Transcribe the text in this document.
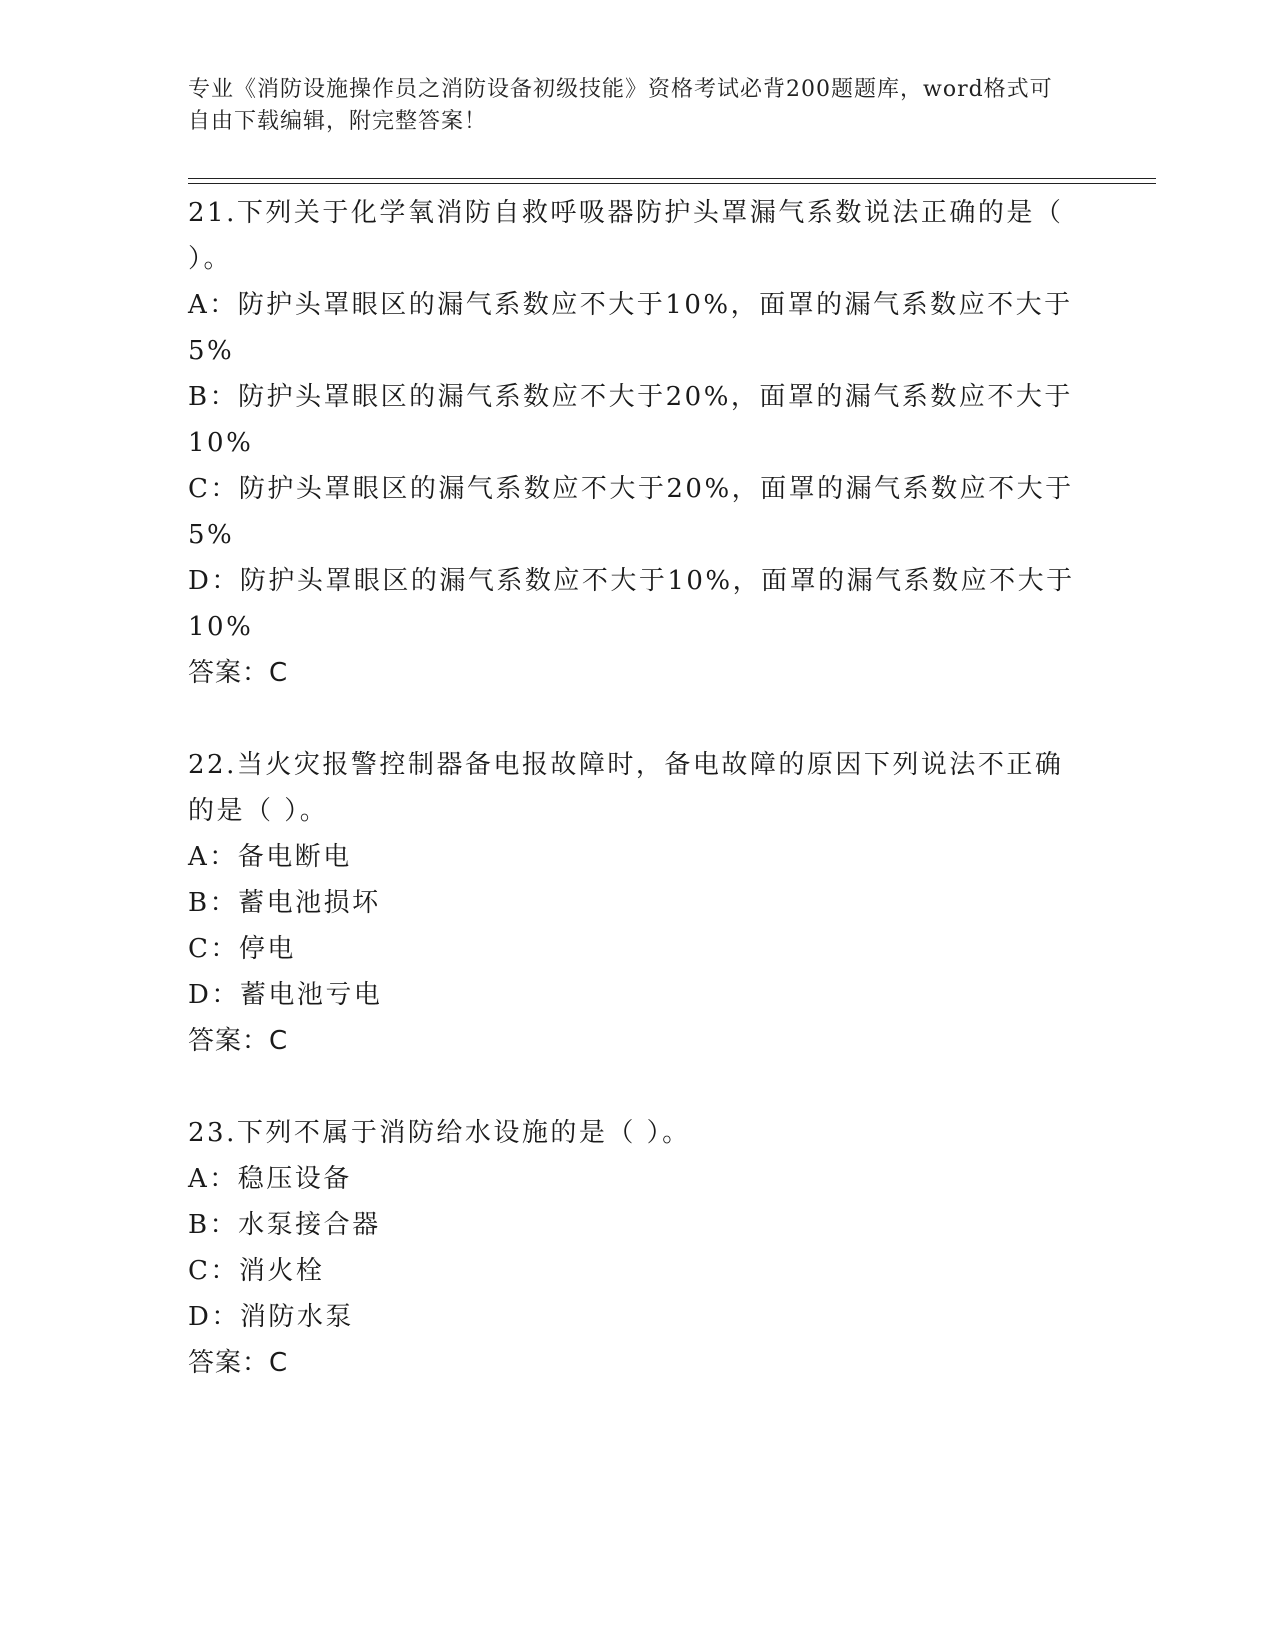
专业《消防设施操作员之消防设备初级技能》资格考试必背200题题库，word格式可自由下载编辑，附完整答案！
21.下列关于化学氧消防自救呼吸器防护头罩漏气系数说法正确的是（ ）。
A：防护头罩眼区的漏气系数应不大于10%，面罩的漏气系数应不大于5%
B：防护头罩眼区的漏气系数应不大于20%，面罩的漏气系数应不大于10%
C：防护头罩眼区的漏气系数应不大于20%，面罩的漏气系数应不大于5%
D：防护头罩眼区的漏气系数应不大于10%，面罩的漏气系数应不大于10%
答案：C
22.当火灾报警控制器备电报故障时，备电故障的原因下列说法不正确的是（ ）。
A：备电断电
B：蓄电池损坏
C：停电
D：蓄电池亏电
答案：C
23.下列不属于消防给水设施的是（ ）。
A：稳压设备
B：水泵接合器
C：消火栓
D：消防水泵
答案：C
